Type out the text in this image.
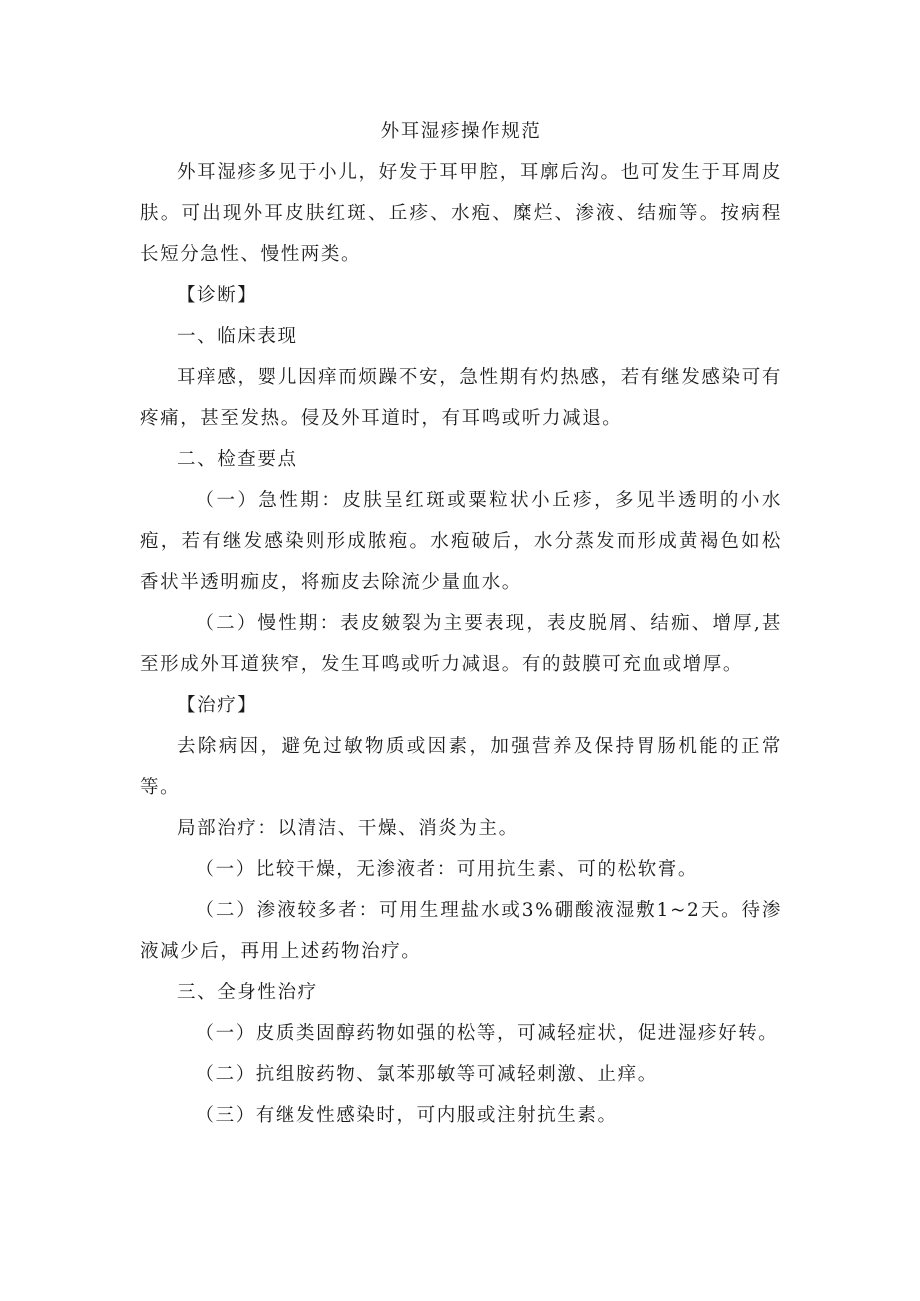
外耳湿疹操作规范

外耳湿疹多见于小儿，好发于耳甲腔，耳廓后沟。也可发生于耳周皮肤。可出现外耳皮肤红斑、丘疹、水疱、糜烂、渗液、结痂等。按病程长短分急性、慢性两类。

【诊断】

一、临床表现

耳痒感，婴儿因痒而烦躁不安，急性期有灼热感，若有继发感染可有疼痛，甚至发热。侵及外耳道时，有耳鸣或听力减退。

二、检查要点

（一）急性期：皮肤呈红斑或粟粒状小丘疹，多见半透明的小水疱，若有继发感染则形成脓疱。水疱破后，水分蒸发而形成黄褐色如松香状半透明痂皮，将痂皮去除流少量血水。

（二）慢性期：表皮皴裂为主要表现，表皮脱屑、结痂、增厚,甚至形成外耳道狭窄，发生耳鸣或听力减退。有的鼓膜可充血或增厚。

【治疗】

去除病因，避免过敏物质或因素，加强营养及保持胃肠机能的正常等。

局部治疗：以清洁、干燥、消炎为主。

（一）比较干燥，无渗液者：可用抗生素、可的松软膏。

（二）渗液较多者：可用生理盐水或3%硼酸液湿敷1~2天。待渗液减少后，再用上述药物治疗。

三、全身性治疗

（一）皮质类固醇药物如强的松等，可减轻症状，促进湿疹好转。

（二）抗组胺药物、氯苯那敏等可减轻刺激、止痒。

（三）有继发性感染时，可内服或注射抗生素。
